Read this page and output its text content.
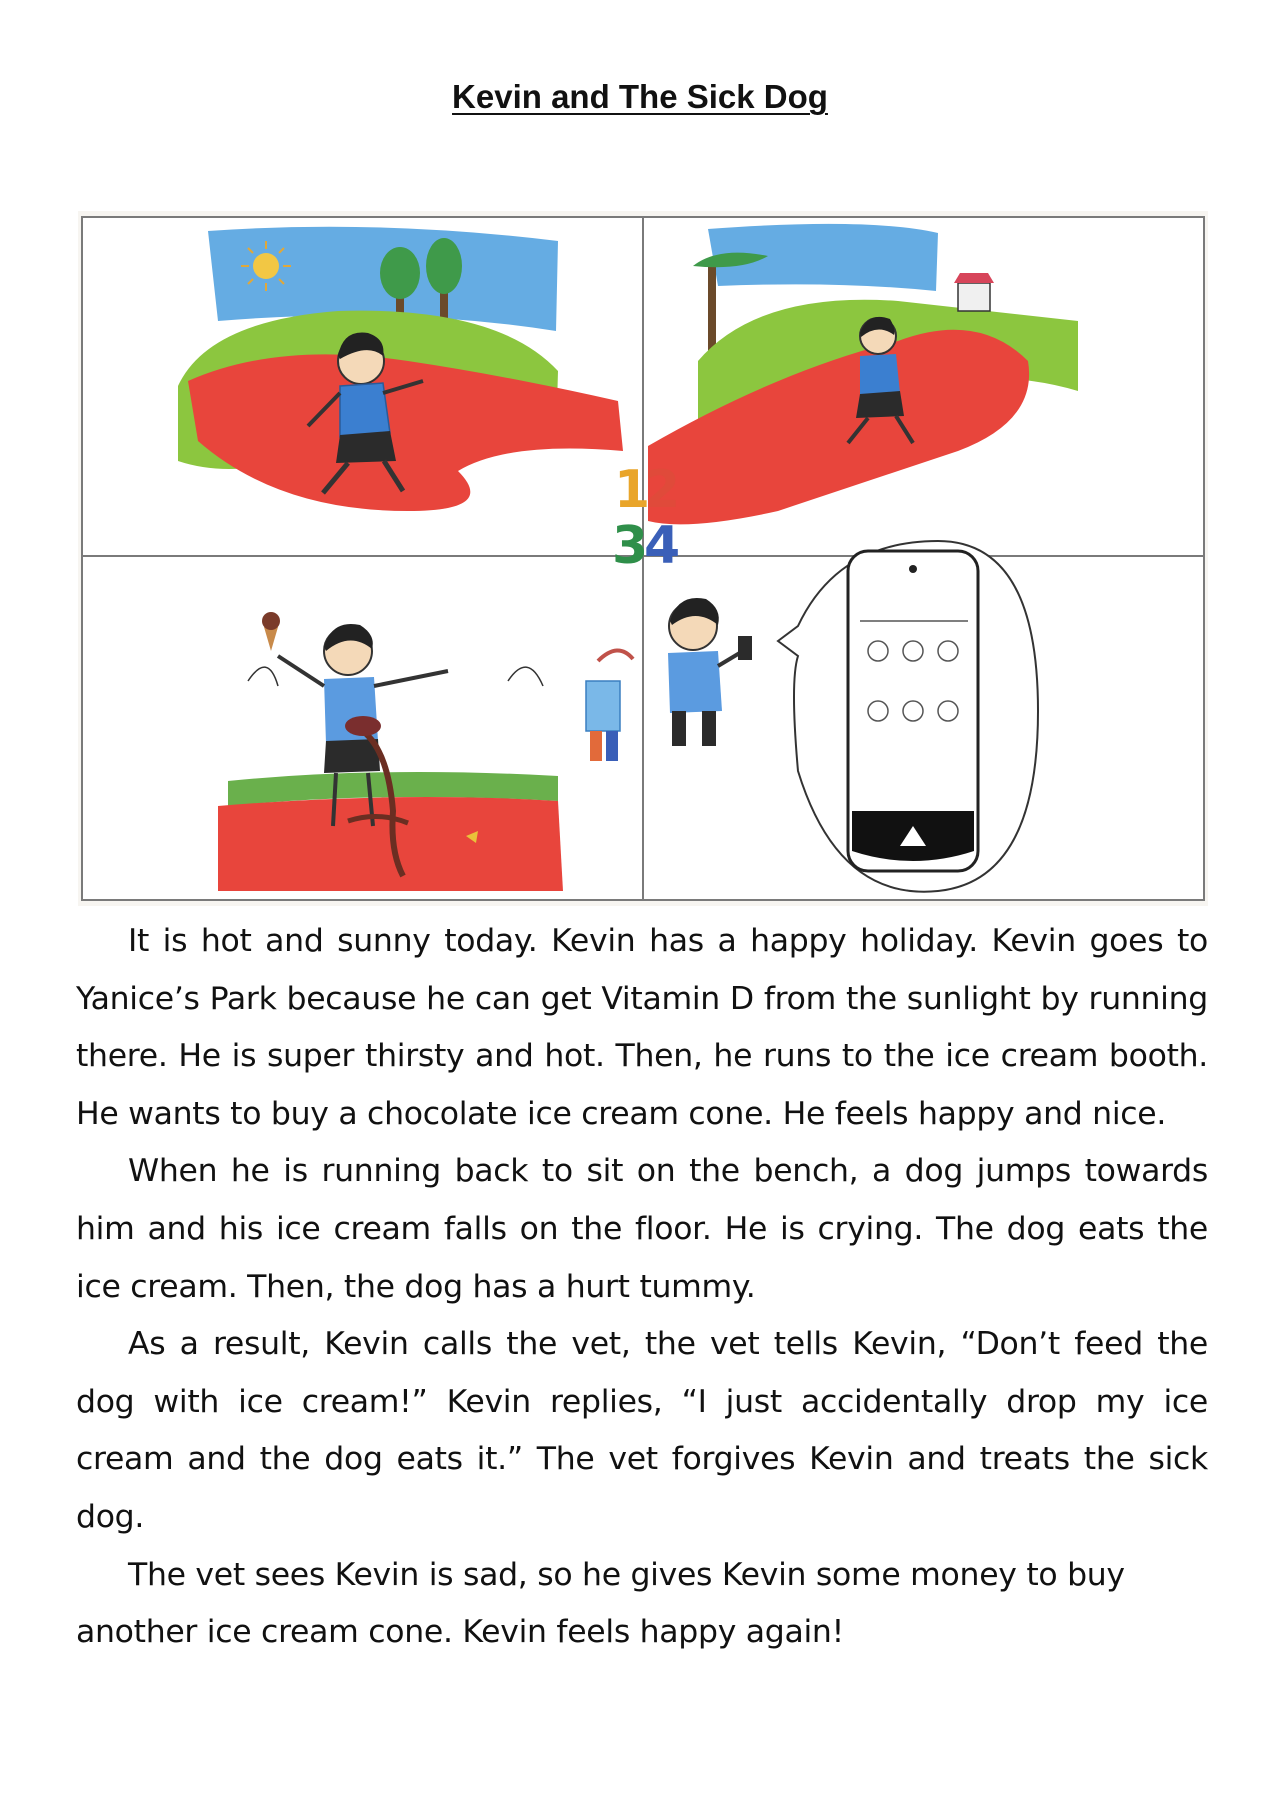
Kevin and The Sick Dog
1
2
3
4

It is hot and sunny today. Kevin has a happy holiday. Kevin goes to Yanice’s Park because he can get Vitamin D from the sunlight by running there. He is super thirsty and hot. Then, he runs to the ice cream booth. He wants to buy a chocolate ice cream cone. He feels happy and nice.

When he is running back to sit on the bench, a dog jumps towards him and his ice cream falls on the floor. He is crying. The dog eats the ice cream. Then, the dog has a hurt tummy.

As a result, Kevin calls the vet, the vet tells Kevin, “Don’t feed the dog with ice cream!” Kevin replies, “I just accidentally drop my ice cream and the dog eats it.” The vet forgives Kevin and treats the sick dog.

The vet sees Kevin is sad, so he gives Kevin some money to buy another ice cream cone. Kevin feels happy again!
